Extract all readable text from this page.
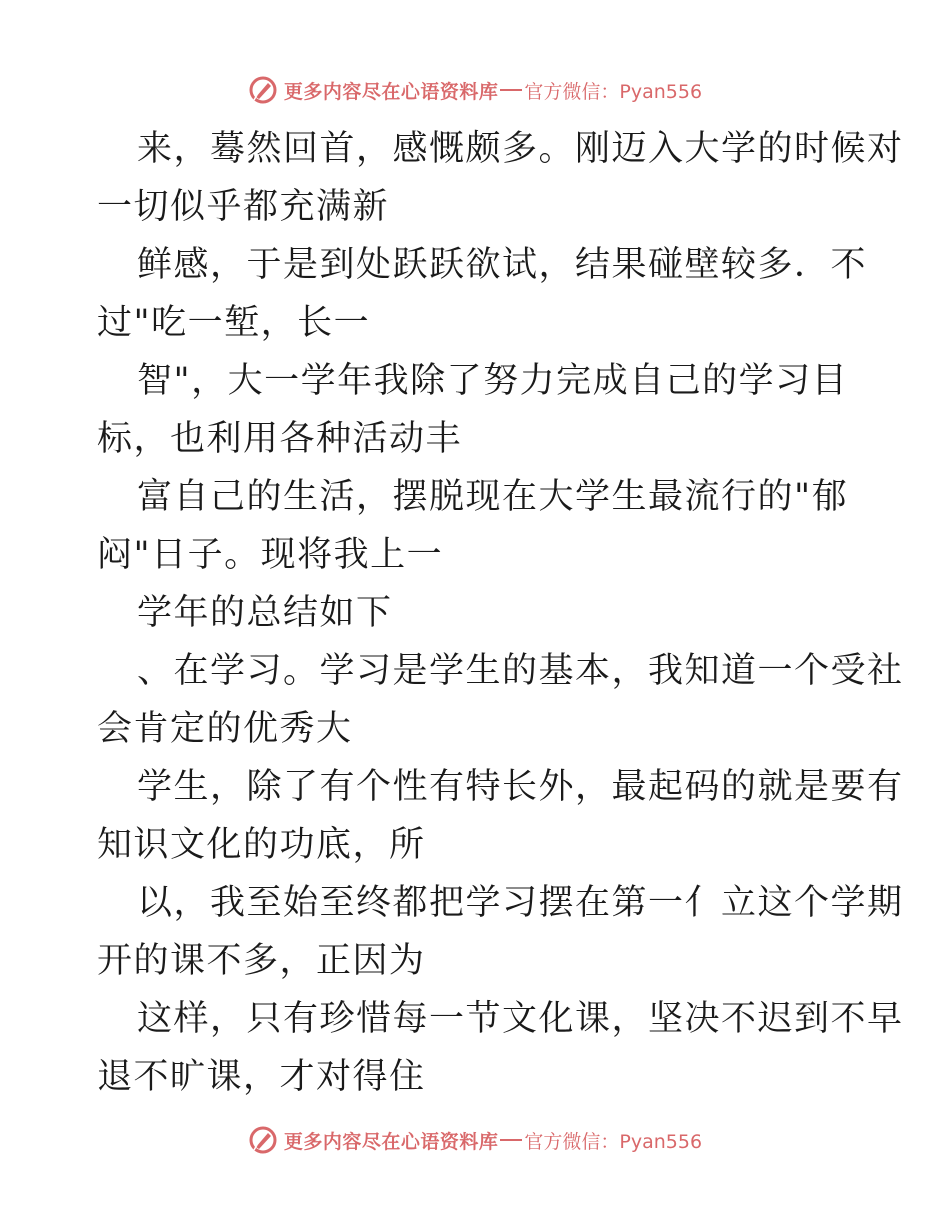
更多内容尽在心语资料库 官方微信：Pyan556
来，蓦然回首，感慨颇多。刚迈入大学的时候对
一切似乎都充满新
鲜感，于是到处跃跃欲试，结果碰壁较多．不
过"吃一堑，长一
智"，大一学年我除了努力完成自己的学习目
标，也利用各种活动丰
富自己的生活，摆脱现在大学生最流行的"郁
闷"日子。现将我上一
学年的总结如下
、在学习。学习是学生的基本，我知道一个受社
会肯定的优秀大
学生，除了有个性有特长外，最起码的就是要有
知识文化的功底，所
以，我至始至终都把学习摆在第一亻立这个学期
开的课不多，正因为
这样，只有珍惜每一节文化课，坚决不迟到不早
退不旷课，才对得住
更多内容尽在心语资料库 官方微信：Pyan556
